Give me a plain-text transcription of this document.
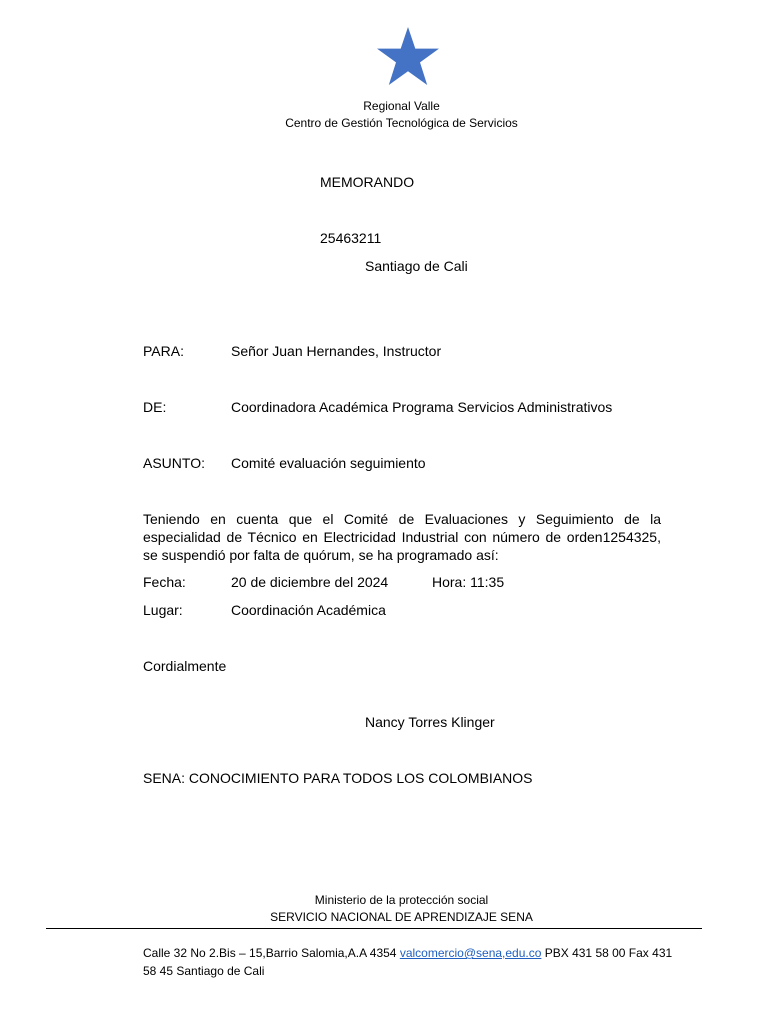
Regional Valle
Centro de Gestión Tecnológica de Servicios
MEMORANDO
25463211
Santiago de Cali
PARA:	Señor Juan Hernandes, Instructor
DE:	Coordinadora Académica Programa Servicios Administrativos
ASUNTO: Comité evaluación seguimiento
Teniendo en cuenta que el Comité de Evaluaciones y Seguimiento de la especialidad de Técnico en Electricidad Industrial con número de orden1254325, se suspendió por falta de quórum, se ha programado así:
Fecha:	20 de diciembre del 2024	Hora: 11:35
Lugar:	Coordinación Académica
Cordialmente
Nancy Torres Klinger
SENA: CONOCIMIENTO PARA TODOS LOS COLOMBIANOS
Ministerio de la protección social
SERVICIO NACIONAL DE APRENDIZAJE SENA
Calle 32 No 2.Bis – 15,Barrio Salomia,A.A 4354 valcomercio@sena,edu.co PBX 431 58 00 Fax 431 58 45 Santiago de Cali
